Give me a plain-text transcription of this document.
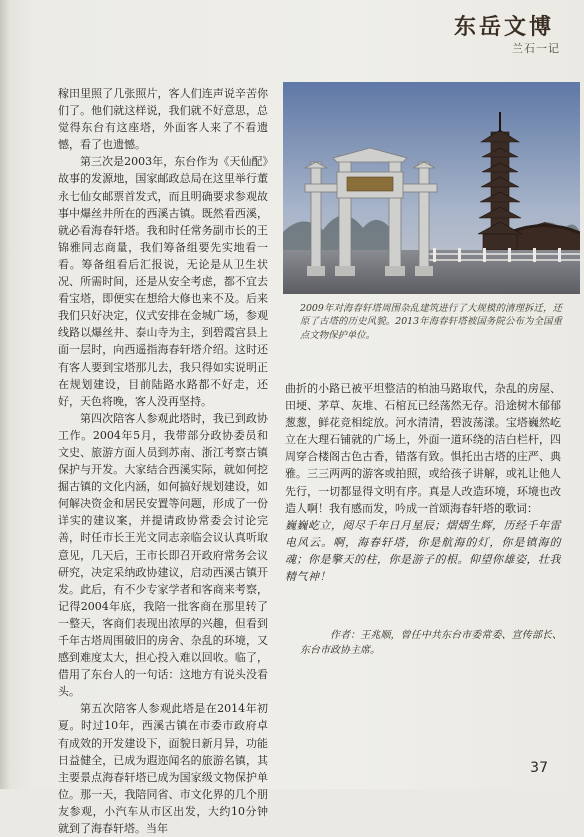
东岳文博
兰石一记

稼田里照了几张照片，客人们连声说辛苦你们了。他们就这样说，我们就不好意思，总觉得东台有这座塔，外面客人来了不看遗憾，看了也遗憾。

第三次是2003年，东台作为《天仙配》故事的发源地，国家邮政总局在这里举行董永七仙女邮票首发式，而且明确要求参观故事中爆丝井所在的西溪古镇。既然看西溪，就必看海春轩塔。我和时任常务副市长的王锦雅同志商量，我们筹备组要先实地看一看。筹备组看后汇报说，无论是从卫生状况、所需时间，还是从安全考虑，都不宜去看宝塔，即便实在想给大修也来不及。后来我们只好决定，仪式安排在金城广场，参观线路以爆丝井、泰山寺为主，到碧霞宫县上面一层时，向西遥指海春轩塔介绍。这时还有客人要到宝塔那儿去，我只得如实说明正在规划建设，目前陆路水路都不好走，还好，天色将晚，客人没再坚持。

第四次陪客人参观此塔时，我已到政协工作。2004年5月，我带部分政协委员和文史、旅游方面人员到苏南、浙江考察古镇保护与开发。大家结合西溪实际，就如何挖掘古镇的文化内涵，如何搞好规划建设，如何解决资金和居民安置等问题，形成了一份详实的建议案，并提请政协常委会讨论完善，时任市长王光文同志亲临会议认真听取意见，几天后，王市长即召开政府常务会议研究，决定采纳政协建议，启动西溪古镇开发。此后，有不少专家学者和客商来考察，记得2004年底，我陪一批客商在那里转了一整天，客商们表现出浓厚的兴趣，但看到千年古塔周围破旧的房舍、杂乱的环境，又感到难度太大，担心投入难以回收。临了，借用了东台人的一句话：这地方有说头没看头。

第五次陪客人参观此塔是在2014年初夏。时过10年，西溪古镇在市委市政府卓有成效的开发建设下，面貌日新月异，功能日益健全，已成为遐迩闻名的旅游名镇，其主要景点海春轩塔已成为国家级文物保护单位。那一天，我陪同省、市文化界的几个朋友参观，小汽车从市区出发，大约10分钟就到了海春轩塔。当年

2009年对海春轩塔周围杂乱建筑进行了大规模的清理拆迁，还原了古塔的历史风貌。2013年海春轩塔被国务院公布为全国重点文物保护单位。

曲折的小路已被平坦整洁的柏油马路取代，杂乱的房屋、田埂、茅草、灰堆、石棺瓦已经荡然无存。沿途树木郁郁葱葱，鲜花竞相绽放。河水清清，碧波荡漾。宝塔巍然屹立在大理石铺就的广场上，外面一道环绕的洁白栏杆，四周穿合楼阁古色古香，错落有致。惧托出古塔的庄严、典雅。三三两两的游客或拍照，或给孩子讲解，或礼让他人先行，一切都显得文明有序。真是人改造环境，环境也改造人啊！我有感而发，吟成一首颂海春轩塔的歌词：

巍巍屹立，阅尽千年日月星辰；熠熠生辉，历经千年雷电风云。啊，海春轩塔，你是航海的灯，你是镇海的魂；你是擎天的柱，你是游子的根。仰望你雄姿，壮我精气神！

作者：王兆顺，曾任中共东台市委常委、宣传部长、东台市政协主席。
37
